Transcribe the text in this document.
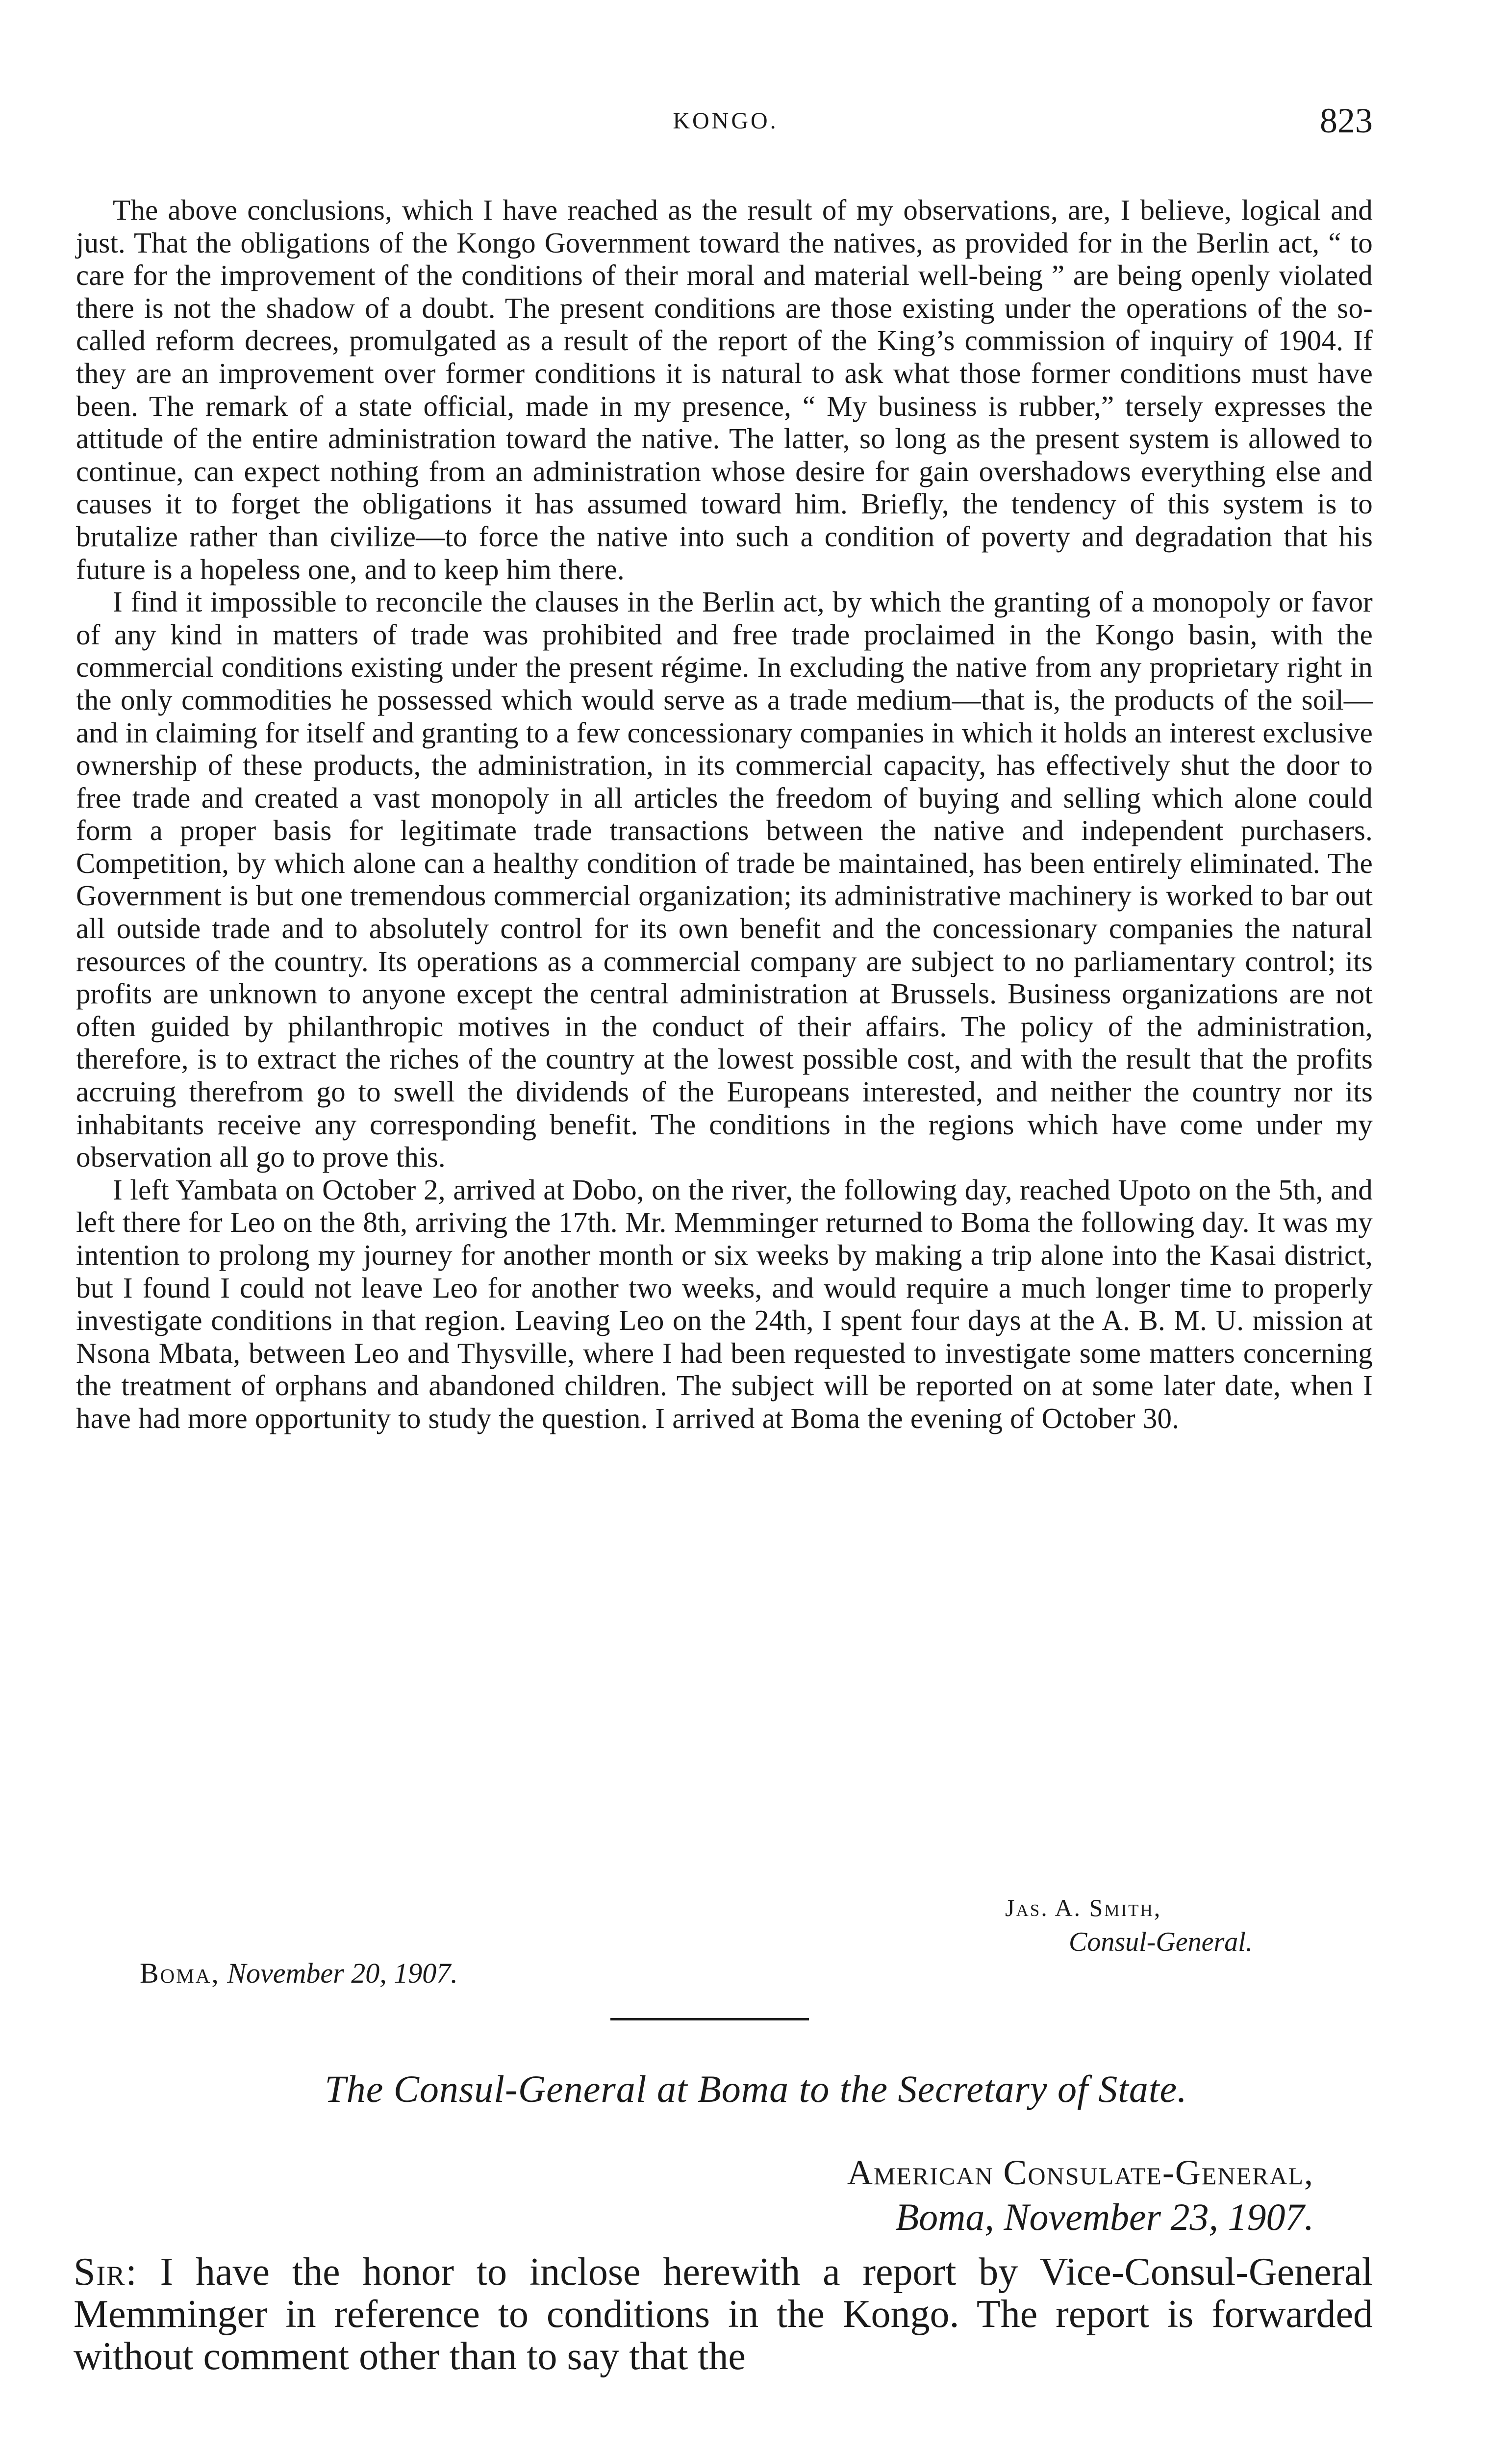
KONGO.	823

The above conclusions, which I have reached as the result of my observations, are, I believe, logical and just. That the obligations of the Kongo Government toward the natives, as provided for in the Berlin act, “ to care for the improvement of the conditions of their moral and material well-being ” are being openly violated there is not the shadow of a doubt. The present conditions are those existing under the operations of the so-called reform decrees, promulgated as a result of the report of the King’s commission of inquiry of 1904. If they are an improvement over former conditions it is natural to ask what those former conditions must have been. The remark of a state official, made in my presence, “ My business is rubber,” tersely expresses the attitude of the entire administration toward the native. The latter, so long as the present system is allowed to continue, can expect nothing from an administration whose desire for gain overshadows everything else and causes it to forget the obligations it has assumed toward him. Briefly, the tendency of this system is to brutalize rather than civilize—to force the native into such a condition of poverty and degradation that his future is a hopeless one, and to keep him there.

I find it impossible to reconcile the clauses in the Berlin act, by which the granting of a monopoly or favor of any kind in matters of trade was prohibited and free trade proclaimed in the Kongo basin, with the commercial conditions existing under the present régime. In excluding the native from any proprietary right in the only commodities he possessed which would serve as a trade medium—that is, the products of the soil—and in claiming for itself and granting to a few concessionary companies in which it holds an interest exclusive ownership of these products, the administration, in its commercial capacity, has effectively shut the door to free trade and created a vast monopoly in all articles the freedom of buying and selling which alone could form a proper basis for legitimate trade transactions between the native and independent purchasers. Competition, by which alone can a healthy condition of trade be maintained, has been entirely eliminated. The Government is but one tremendous commercial organization; its administrative machinery is worked to bar out all outside trade and to absolutely control for its own benefit and the concessionary companies the natural resources of the country. Its operations as a commercial company are subject to no parliamentary control; its profits are unknown to anyone except the central administration at Brussels. Business organizations are not often guided by philanthropic motives in the conduct of their affairs. The policy of the administration, therefore, is to extract the riches of the country at the lowest possible cost, and with the result that the profits accruing therefrom go to swell the dividends of the Europeans interested, and neither the country nor its inhabitants receive any corresponding benefit. The conditions in the regions which have come under my observation all go to prove this.

I left Yambata on October 2, arrived at Dobo, on the river, the following day, reached Upoto on the 5th, and left there for Leo on the 8th, arriving the 17th. Mr. Memminger returned to Boma the following day. It was my intention to prolong my journey for another month or six weeks by making a trip alone into the Kasai district, but I found I could not leave Leo for another two weeks, and would require a much longer time to properly investigate conditions in that region. Leaving Leo on the 24th, I spent four days at the A. B. M. U. mission at Nsona Mbata, between Leo and Thysville, where I had been requested to investigate some matters concerning the treatment of orphans and abandoned children. The subject will be reported on at some later date, when I have had more opportunity to study the question. I arrived at Boma the evening of October 30.

Jas. A. Smith,
Consul-General.
Boma, November 20, 1907.
The Consul-General at Boma to the Secretary of State.
American Consulate-General,
Boma, November 23, 1907.

Sir: I have the honor to inclose herewith a report by Vice-Consul-General Memminger in reference to conditions in the Kongo. The report is forwarded without comment other than to say that the
